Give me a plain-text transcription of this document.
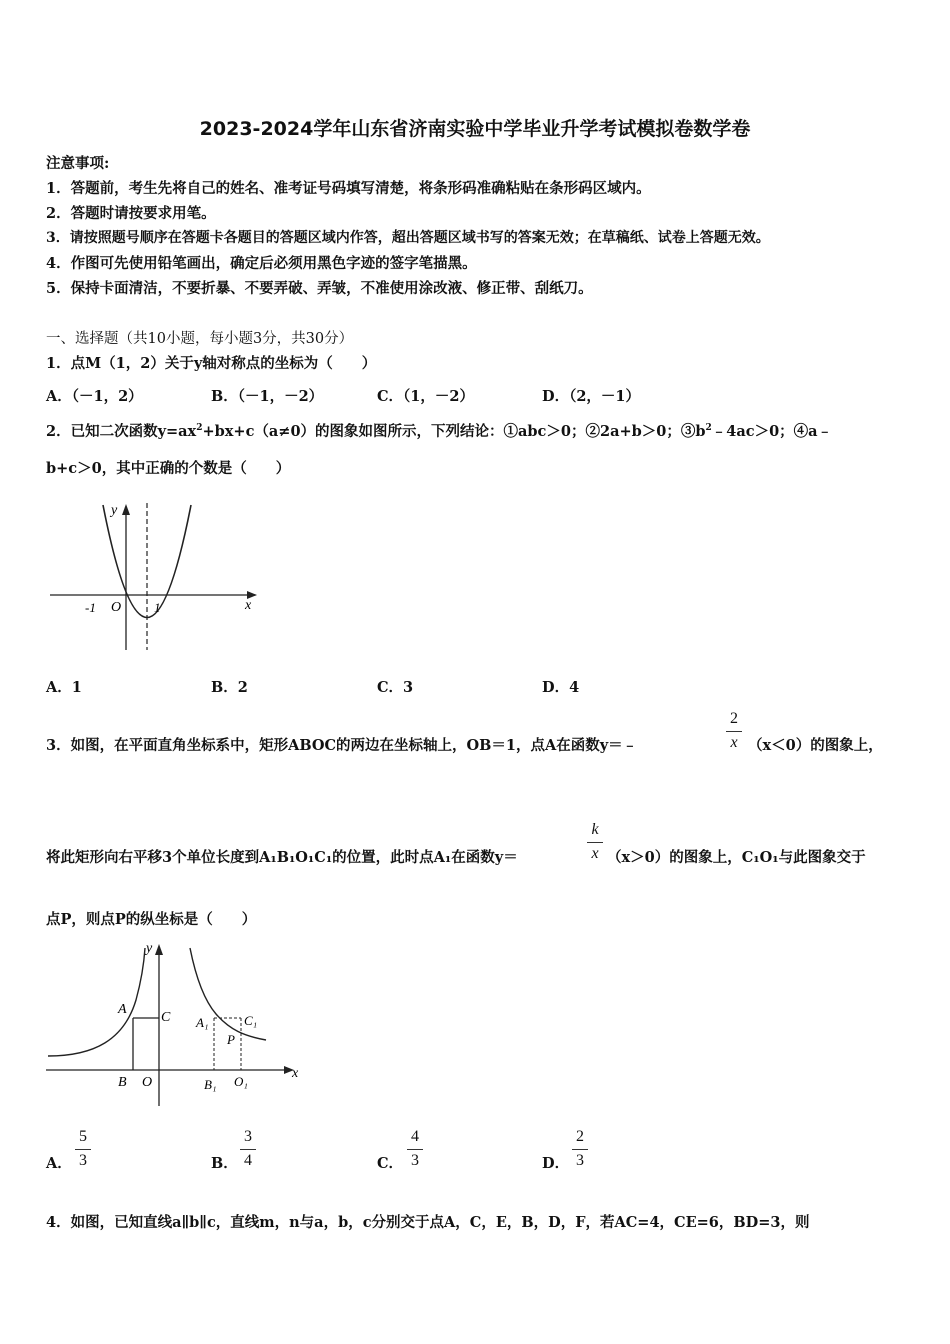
2023-2024学年山东省济南实验中学毕业升学考试模拟卷数学卷
注意事项:
1．答题前，考生先将自己的姓名、准考证号码填写清楚，将条形码准确粘贴在条形码区域内。
2．答题时请按要求用笔。
3．请按照题号顺序在答题卡各题目的答题区域内作答，超出答题区域书写的答案无效；在草稿纸、试卷上答题无效。
4．作图可先使用铅笔画出，确定后必须用黑色字迹的签字笔描黑。
5．保持卡面清洁，不要折暴、不要弄破、弄皱，不准使用涂改液、修正带、刮纸刀。
一、选择题（共10小题，每小题3分，共30分）
1．点M（1，2）关于y轴对称点的坐标为（　　）
A．（－1，2）	B．（－1，－2）	C．（1，－2）	D．（2，－1）
2．已知二次函数$y=ax^2+bx+c(a\ne 0)$的图象如图所示，下列结论：①abc＞0；②2a+b＞0；$③b^2﹣4ac>0$；④a﹣
b+c＞0，其中正确的个数是（　　）
x
y
O
-1	1
A．1	B．2	C．3	D．4
3．如图，在平面直角坐标系中，矩形ABOC的两边在坐标轴上，OB＝1，点A在函数y＝﹣
2
x （x＜0）的图象上，
将此矩形向右平移3个单位长度到A₁B₁O₁C₁的位置，此时点A₁在函数y＝
k
x （x＞0）的图象上，C₁O₁与此图象交于
点P，则点P的纵坐标是（　　）
A
C
B O
A₁	C₁
B₁ O₁
P
x
y
A．
5
3	B．
3
4	C．
4
3	D．
2
3
4．如图，已知直线a∥b∥c，直线m，n与a，b，c分别交于点A，C，E，B，D，F，若AC=4，CE=6，BD=3，则
